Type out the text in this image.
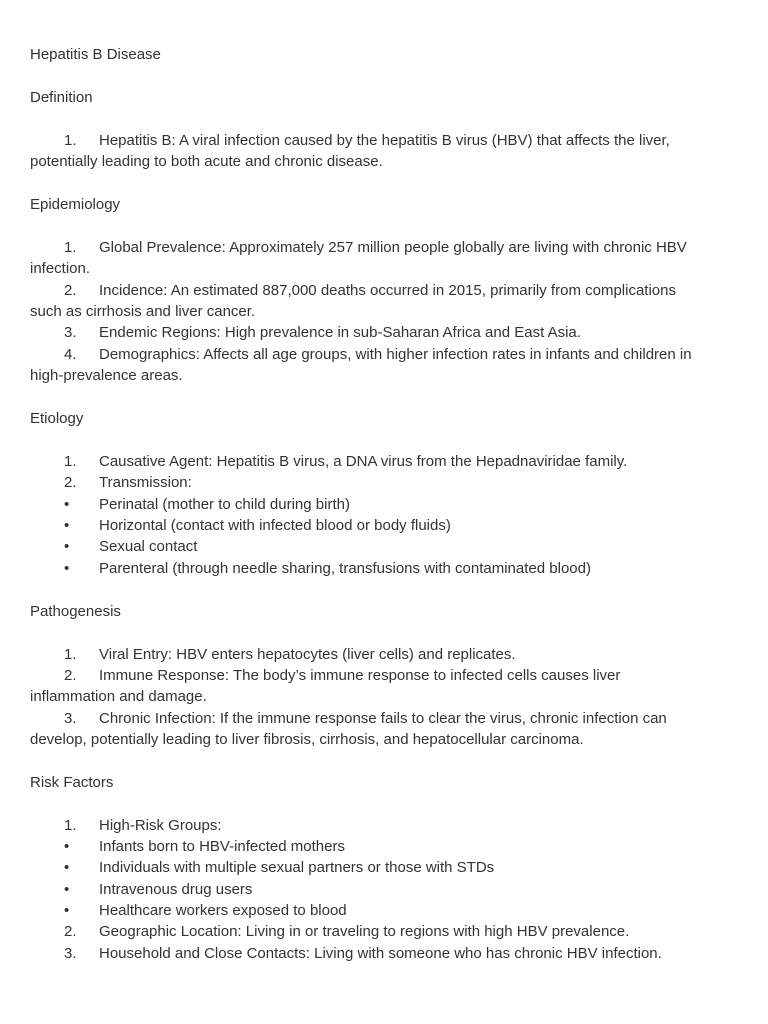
Hepatitis B Disease
Definition
1.	Hepatitis B: A viral infection caused by the hepatitis B virus (HBV) that affects the liver,
potentially leading to both acute and chronic disease.
Epidemiology
1.	Global Prevalence: Approximately 257 million people globally are living with chronic HBV
infection.
2.	Incidence: An estimated 887,000 deaths occurred in 2015, primarily from complications
such as cirrhosis and liver cancer.
3.	Endemic Regions: High prevalence in sub-Saharan Africa and East Asia.
4.	Demographics: Affects all age groups, with higher infection rates in infants and children in
high-prevalence areas.
Etiology
1.	Causative Agent: Hepatitis B virus, a DNA virus from the Hepadnaviridae family.
2.	Transmission:
•	Perinatal (mother to child during birth)
•	Horizontal (contact with infected blood or body fluids)
•	Sexual contact
•	Parenteral (through needle sharing, transfusions with contaminated blood)
Pathogenesis
1.	Viral Entry: HBV enters hepatocytes (liver cells) and replicates.
2.	Immune Response: The body’s immune response to infected cells causes liver
inflammation and damage.
3.	Chronic Infection: If the immune response fails to clear the virus, chronic infection can
develop, potentially leading to liver fibrosis, cirrhosis, and hepatocellular carcinoma.
Risk Factors
1.	High-Risk Groups:
•	Infants born to HBV-infected mothers
•	Individuals with multiple sexual partners or those with STDs
•	Intravenous drug users
•	Healthcare workers exposed to blood
2.	Geographic Location: Living in or traveling to regions with high HBV prevalence.
3.	Household and Close Contacts: Living with someone who has chronic HBV infection.
